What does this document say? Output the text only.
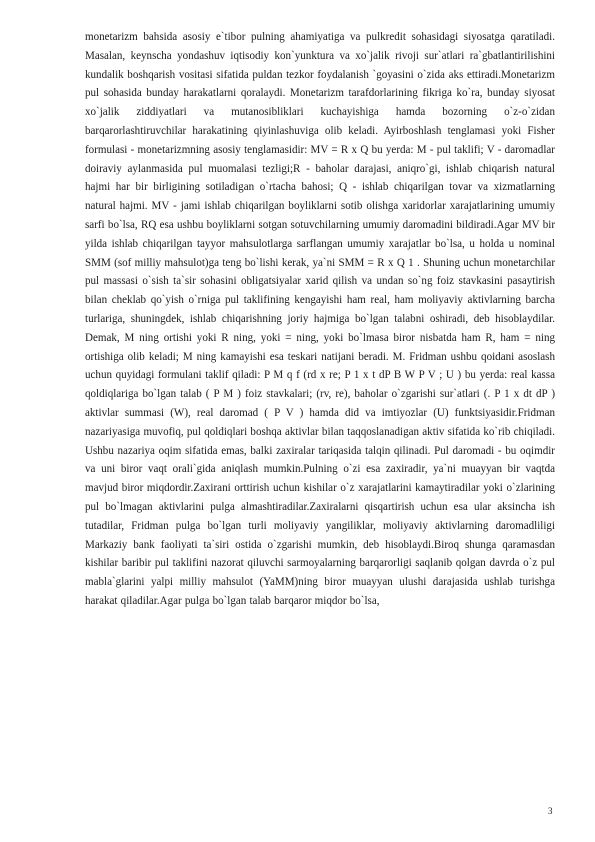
monetarizm bahsida asosiy e`tibor pulning ahamiyatiga va pulkredit sohasidagi siyosatga qaratiladi. Masalan, keynscha yondashuv iqtisodiy kon`yunktura va xo`jalik rivoji sur`atlari ra`gbatlantirilishini kundalik boshqarish vositasi sifatida puldan tezkor foydalanish `goyasini o`zida aks ettiradi.Monetarizm pul sohasida bunday harakatlarni qoralaydi. Monetarizm tarafdorlarining fikriga ko`ra, bunday siyosat xo`jalik ziddiyatlari va mutanosibliklari kuchayishiga hamda bozorning o`z-o`zidan barqarorlashtiruvchilar harakatining qiyinlashuviga olib keladi. Ayirboshlash tenglamasi yoki Fisher formulasi - monetarizmning asosiy tenglamasidir: MV = R x Q bu yerda: M - pul taklifi; V - daromadlar doiraviy aylanmasida pul muomalasi tezligi;R - baholar darajasi, aniqro`gi, ishlab chiqarish natural hajmi har bir birligining sotiladigan o`rtacha bahosi; Q - ishlab chiqarilgan tovar va xizmatlarning natural hajmi. MV - jami ishlab chiqarilgan boyliklarni sotib olishga xaridorlar xarajatlarining umumiy sarfi bo`lsa, RQ esa ushbu boyliklarni sotgan sotuvchilarning umumiy daromadini bildiradi.Agar MV bir yilda ishlab chiqarilgan tayyor mahsulotlarga sarflangan umumiy xarajatlar bo`lsa, u holda u nominal SMM (sof milliy mahsulot)ga teng bo`lishi kerak, ya`ni SMM = R x Q 1 . Shuning uchun monetarchilar pul massasi o`sish ta`sir sohasini obligatsiyalar xarid qilish va undan so`ng foiz stavkasini pasaytirish bilan cheklab qo`yish o`rniga pul taklifining kengayishi ham real, ham moliyaviy aktivlarning barcha turlariga, shuningdek, ishlab chiqarishning joriy hajmiga bo`lgan talabni oshiradi, deb hisoblaydilar. Demak, M ning ortishi yoki R ning, yoki = ning, yoki bo`lmasa biror nisbatda ham R, ham = ning ortishiga olib keladi; M ning kamayishi esa teskari natijani beradi. M. Fridman ushbu qoidani asoslash uchun quyidagi formulani taklif qiladi: P M q f (rd x re; P 1 x t dP B W P V ; U ) bu yerda: real kassa qoldiqlariga bo`lgan talab ( P M ) foiz stavkalari; (rv, re), baholar o`zgarishi sur`atlari (. P 1 x dt dP ) aktivlar summasi (W), real daromad ( P V ) hamda did va imtiyozlar (U) funktsiyasidir.Fridman nazariyasiga muvofiq, pul qoldiqlari boshqa aktivlar bilan taqqoslanadigan aktiv sifatida ko`rib chiqiladi. Ushbu nazariya oqim sifatida emas, balki zaxiralar tariqasida talqin qilinadi. Pul daromadi - bu oqimdir va uni biror vaqt orali`gida aniqlash mumkin.Pulning o`zi esa zaxiradir, ya`ni muayyan bir vaqtda mavjud biror miqdordir.Zaxirani orttirish uchun kishilar o`z xarajatlarini kamaytiradilar yoki o`zlarining pul bo`lmagan aktivlarini pulga almashtiradilar.Zaxiralarni qisqartirish uchun esa ular aksincha ish tutadilar, Fridman pulga bo`lgan turli moliyaviy yangiliklar, moliyaviy aktivlarning daromadliligi Markaziy bank faoliyati ta`siri ostida o`zgarishi mumkin, deb hisoblaydi.Biroq shunga qaramasdan kishilar baribir pul taklifini nazorat qiluvchi sarmoyalarning barqarorligi saqlanib qolgan davrda o`z pul mabla`glarini yalpi milliy mahsulot (YaMM)ning biror muayyan ulushi darajasida ushlab turishga harakat qiladilar.Agar pulga bo`lgan talab barqaror miqdor bo`lsa,

3
